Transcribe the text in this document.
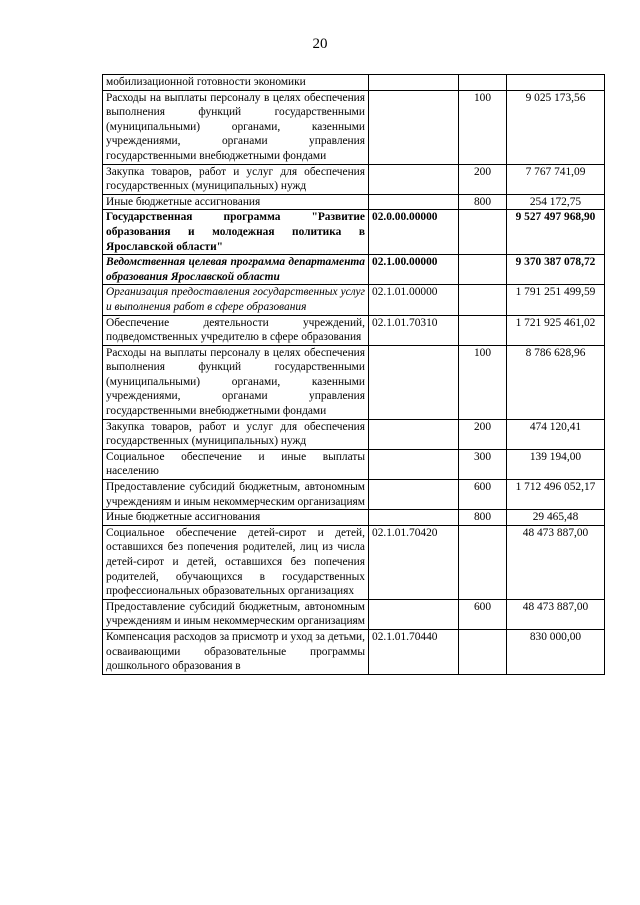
20
мобилизационной готовности экономики			
Расходы на выплаты персоналу в целях обеспечения выполнения функций государственными (муниципальными) органами, казенными учреждениями, органами управления государственными внебюджетными фондами		100	9 025 173,56
Закупка товаров, работ и услуг для обеспечения государственных (муниципальных) нужд		200	7 767 741,09
Иные бюджетные ассигнования		800	254 172,75
Государственная программа "Развитие образования и молодежная политика в Ярославской области"	02.0.00.00000		9 527 497 968,90
Ведомственная целевая программа департамента образования Ярославской области	02.1.00.00000		9 370 387 078,72
Организация предоставления государственных услуг и выполнения работ в сфере образования	02.1.01.00000		1 791 251 499,59
Обеспечение деятельности учреждений, подведомственных учредителю в сфере образования	02.1.01.70310		1 721 925 461,02
Расходы на выплаты персоналу в целях обеспечения выполнения функций государственными (муниципальными) органами, казенными учреждениями, органами управления государственными внебюджетными фондами		100	8 786 628,96
Закупка товаров, работ и услуг для обеспечения государственных (муниципальных) нужд		200	474 120,41
Социальное обеспечение и иные выплаты населению		300	139 194,00
Предоставление субсидий бюджетным, автономным учреждениям и иным некоммерческим организациям		600	1 712 496 052,17
Иные бюджетные ассигнования		800	29 465,48
Социальное обеспечение детей-сирот и детей, оставшихся без попечения родителей, лиц из числа детей-сирот и детей, оставшихся без попечения родителей, обучающихся в государственных профессиональных образовательных организациях	02.1.01.70420		48 473 887,00
Предоставление субсидий бюджетным, автономным учреждениям и иным некоммерческим организациям		600	48 473 887,00
Компенсация расходов за присмотр и уход за детьми, осваивающими образовательные программы дошкольного образования в	02.1.01.70440		830 000,00
